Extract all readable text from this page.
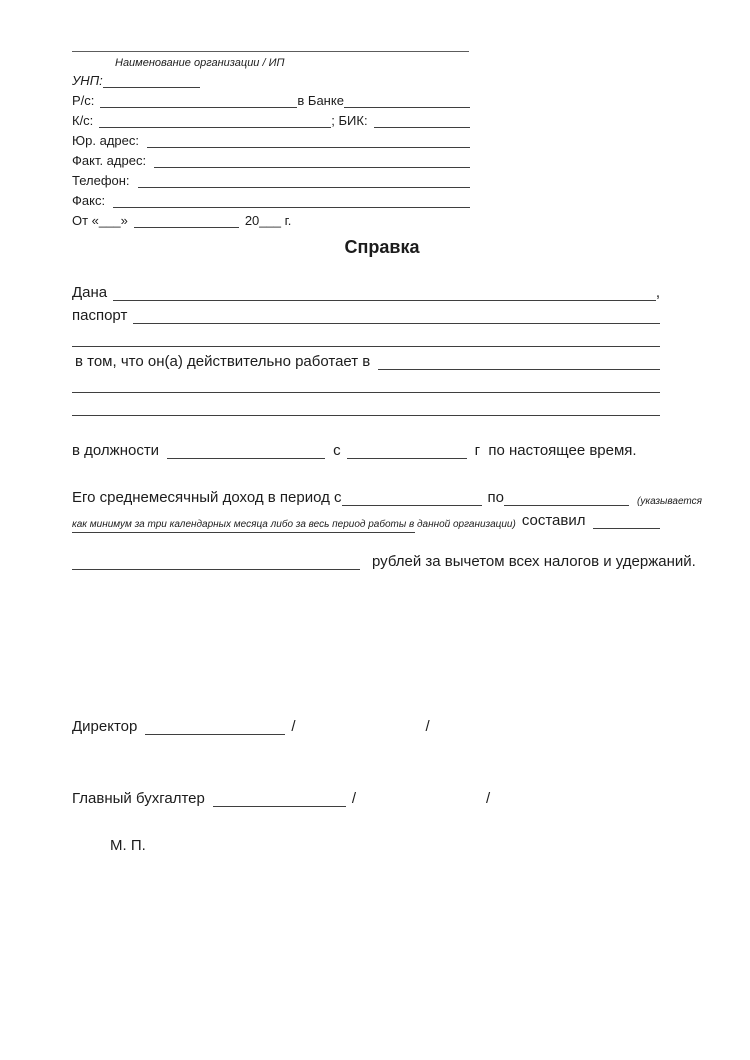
Наименование организации / ИП
УНП:
Р/с:	в Банке
К/с:	; БИК:
Юр. адрес:
Факт. адрес:
Телефон:
Факс:
От «___»	20___ г.
Справка
Дана	,
паспорт
в том, что он(а) действительно работает в
в должности	с	г  по настоящее время.
Его среднемесячный доход в период с	по	(указывается
как минимум за три календарных месяца либо за весь период работы в данной организации) составил
рублей за вычетом всех налогов и удержаний.
Директор	/	/
Главный бухгалтер	/	/
М. П.
